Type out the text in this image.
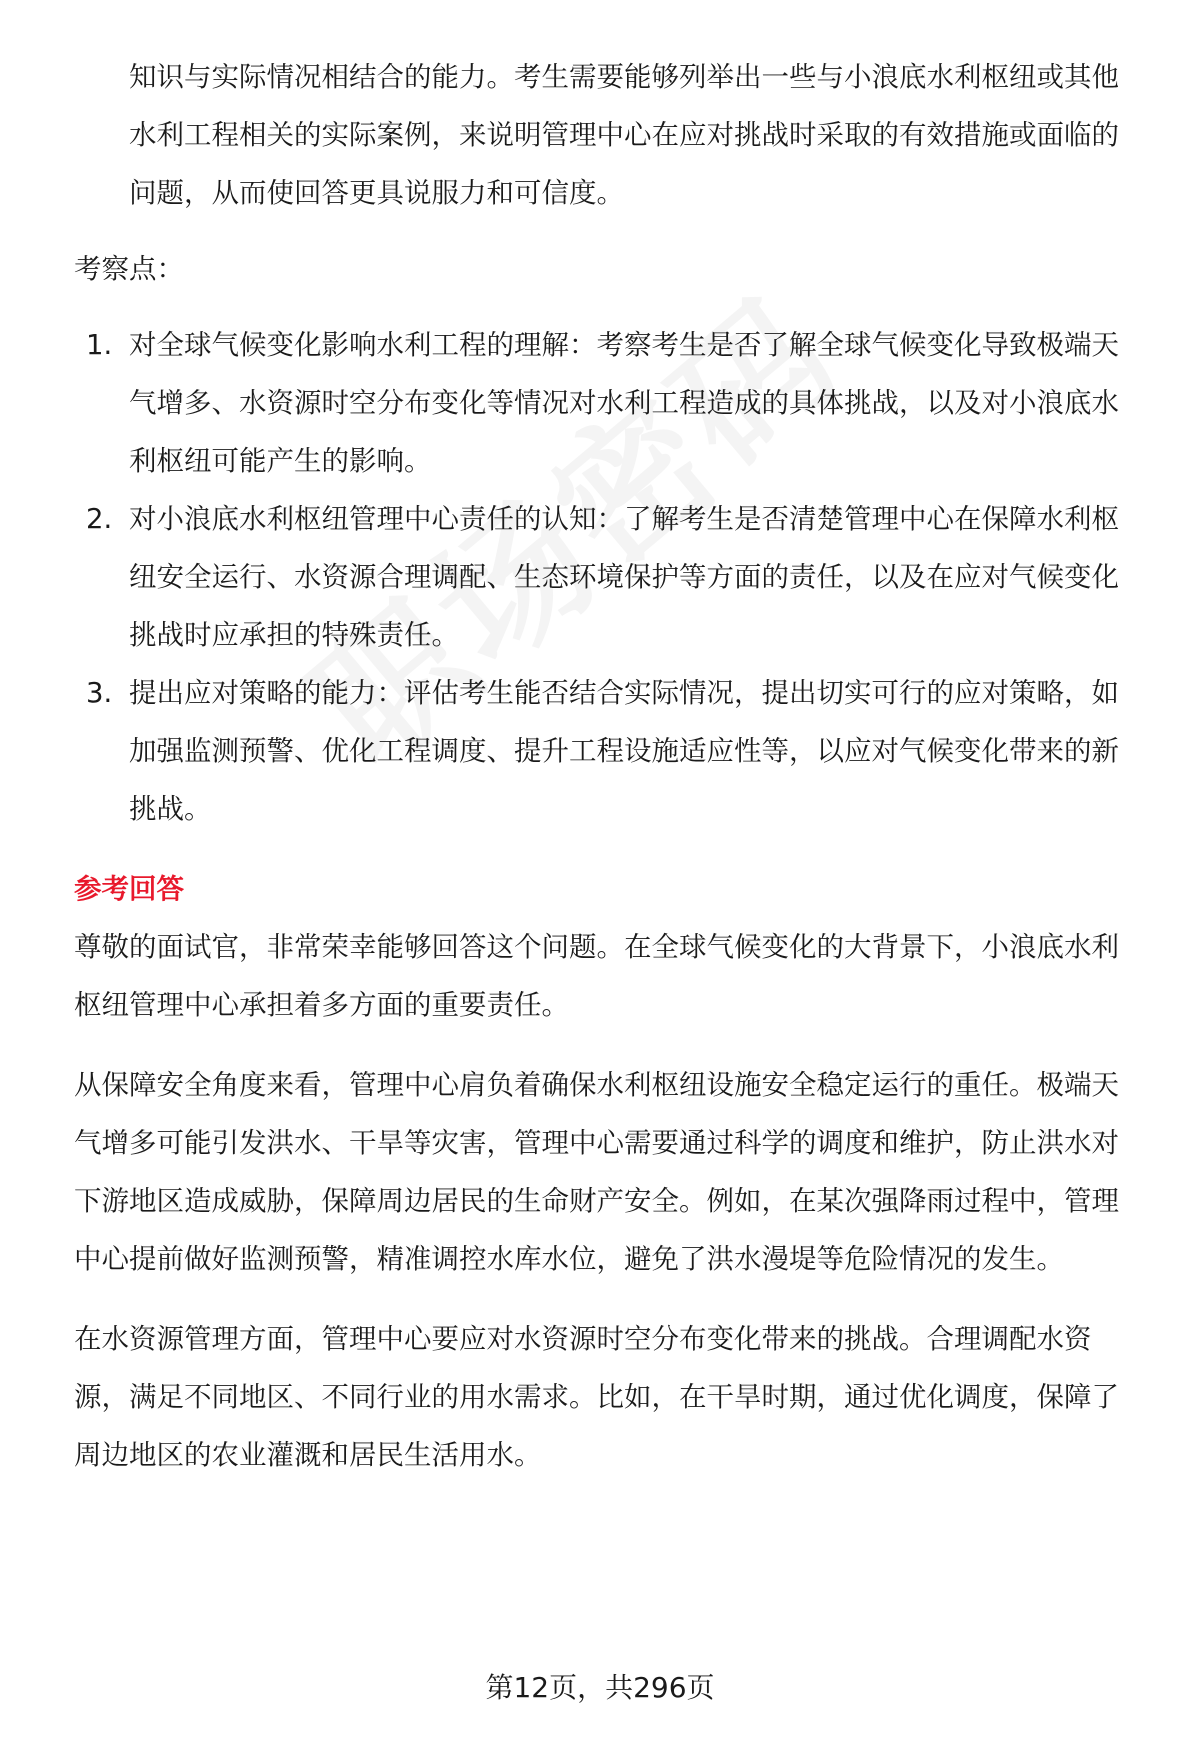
知识与实际情况相结合的能力。考生需要能够列举出一些与小浪底水利枢纽或其他水利工程相关的实际案例，来说明管理中心在应对挑战时采取的有效措施或面临的问题，从而使回答更具说服力和可信度。

考察点：

1. 对全球气候变化影响水利工程的理解：考察考生是否了解全球气候变化导致极端天气增多、水资源时空分布变化等情况对水利工程造成的具体挑战，以及对小浪底水利枢纽可能产生的影响。
2. 对小浪底水利枢纽管理中心责任的认知：了解考生是否清楚管理中心在保障水利枢纽安全运行、水资源合理调配、生态环境保护等方面的责任，以及在应对气候变化挑战时应承担的特殊责任。
3. 提出应对策略的能力：评估考生能否结合实际情况，提出切实可行的应对策略，如加强监测预警、优化工程调度、提升工程设施适应性等，以应对气候变化带来的新挑战。
参考回答

尊敬的面试官，非常荣幸能够回答这个问题。在全球气候变化的大背景下，小浪底水利枢纽管理中心承担着多方面的重要责任。

从保障安全角度来看，管理中心肩负着确保水利枢纽设施安全稳定运行的重任。极端天气增多可能引发洪水、干旱等灾害，管理中心需要通过科学的调度和维护，防止洪水对下游地区造成威胁，保障周边居民的生命财产安全。例如，在某次强降雨过程中，管理中心提前做好监测预警，精准调控水库水位，避免了洪水漫堤等危险情况的发生。

在水资源管理方面，管理中心要应对水资源时空分布变化带来的挑战。合理调配水资源，满足不同地区、不同行业的用水需求。比如，在干旱时期，通过优化调度，保障了周边地区的农业灌溉和居民生活用水。

第12页，共296页
